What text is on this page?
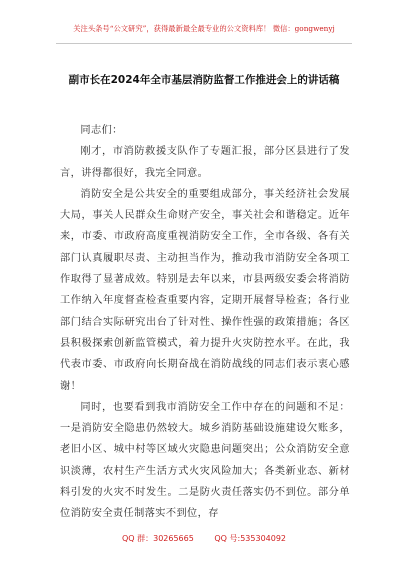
关注头条号“公文研究”，获得最新最全最专业的公文资料库！ 微信：gongwenyj
副市长在2024年全市基层消防监督工作推进会上的讲话稿

同志们：

刚才，市消防救援支队作了专题汇报，部分区县进行了发言，讲得都很好，我完全同意。

消防安全是公共安全的重要组成部分，事关经济社会发展大局，事关人民群众生命财产安全，事关社会和谐稳定。近年来，市委、市政府高度重视消防安全工作，全市各级、各有关部门认真履职尽责、主动担当作为，推动我市消防安全各项工作取得了显著成效。特别是去年以来，市县两级安委会将消防工作纳入年度督查检查重要内容，定期开展督导检查；各行业部门结合实际研究出台了针对性、操作性强的政策措施；各区县积极探索创新监管模式，着力提升火灾防控水平。在此，我代表市委、市政府向长期奋战在消防战线的同志们表示衷心感谢！

同时，也要看到我市消防安全工作中存在的问题和不足：一是消防安全隐患仍然较大。城乡消防基础设施建设欠账多，老旧小区、城中村等区域火灾隐患问题突出；公众消防安全意识淡薄，农村生产生活方式火灾风险加大；各类新业态、新材料引发的火灾不时发生。二是防火责任落实仍不到位。部分单位消防安全责任制落实不到位，存

QQ 群：30265665	QQ 号:535304092
